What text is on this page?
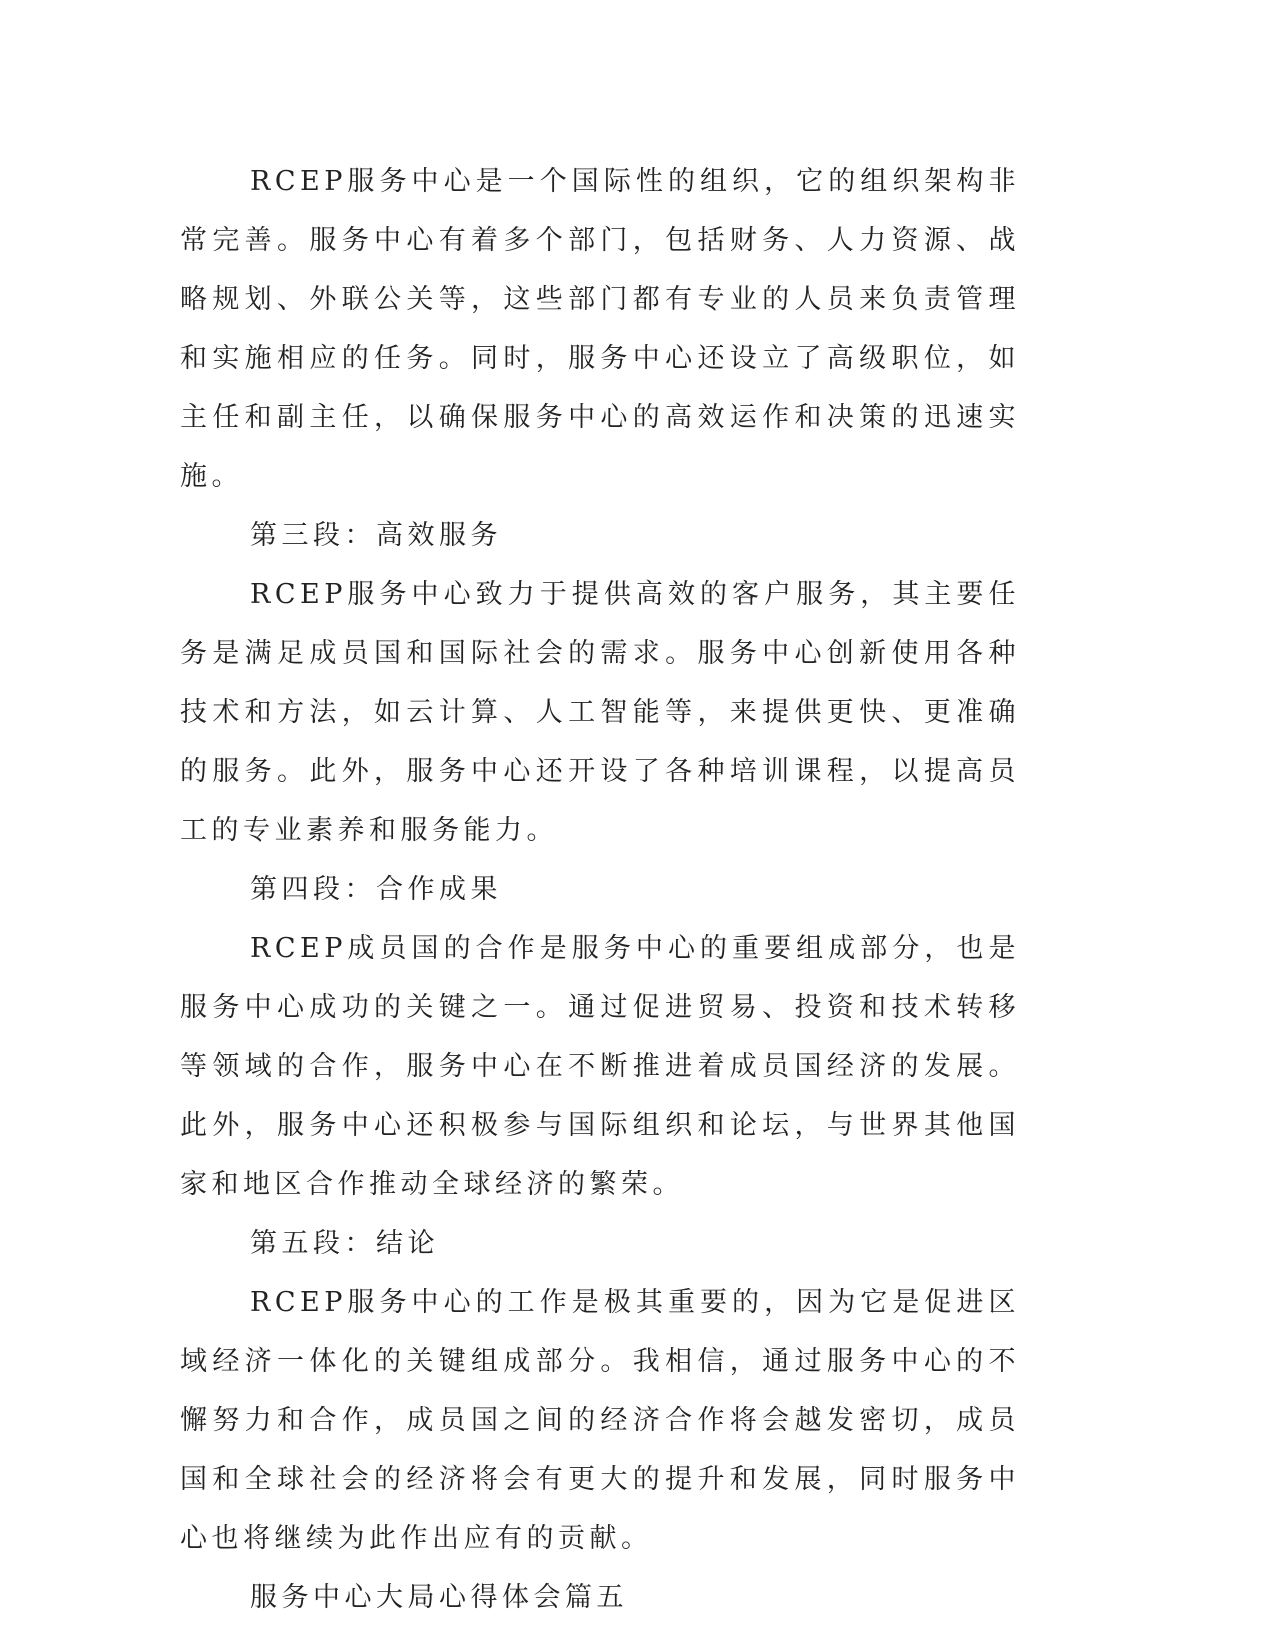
RCEP服务中心是一个国际性的组织，它的组织架构非常完善。服务中心有着多个部门，包括财务、人力资源、战略规划、外联公关等，这些部门都有专业的人员来负责管理和实施相应的任务。同时，服务中心还设立了高级职位，如主任和副主任，以确保服务中心的高效运作和决策的迅速实施。

第三段：高效服务

RCEP服务中心致力于提供高效的客户服务，其主要任务是满足成员国和国际社会的需求。服务中心创新使用各种技术和方法，如云计算、人工智能等，来提供更快、更准确的服务。此外，服务中心还开设了各种培训课程，以提高员工的专业素养和服务能力。

第四段：合作成果

RCEP成员国的合作是服务中心的重要组成部分，也是服务中心成功的关键之一。通过促进贸易、投资和技术转移等领域的合作，服务中心在不断推进着成员国经济的发展。此外，服务中心还积极参与国际组织和论坛，与世界其他国家和地区合作推动全球经济的繁荣。

第五段：结论

RCEP服务中心的工作是极其重要的，因为它是促进区域经济一体化的关键组成部分。我相信，通过服务中心的不懈努力和合作，成员国之间的经济合作将会越发密切，成员国和全球社会的经济将会有更大的提升和发展，同时服务中心也将继续为此作出应有的贡献。

服务中心大局心得体会篇五
